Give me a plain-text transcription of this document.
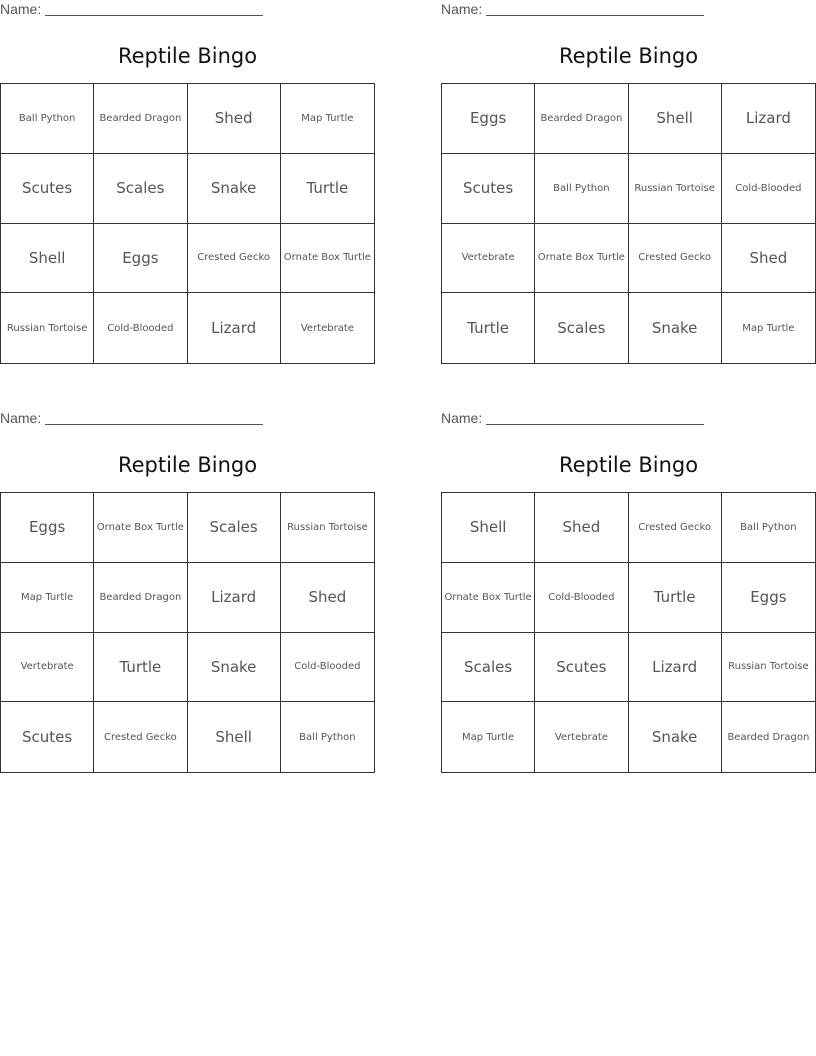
Name:
Reptile Bingo
Ball Python	Bearded Dragon	Shed	Map Turtle
Scutes	Scales	Snake	Turtle
Shell	Eggs	Crested Gecko	Ornate Box Turtle
Russian Tortoise	Cold-Blooded	Lizard	Vertebrate
Name:
Reptile Bingo
Eggs	Bearded Dragon	Shell	Lizard
Scutes	Ball Python	Russian Tortoise	Cold-Blooded
Vertebrate	Ornate Box Turtle	Crested Gecko	Shed
Turtle	Scales	Snake	Map Turtle
Name:
Reptile Bingo
Eggs	Ornate Box Turtle	Scales	Russian Tortoise
Map Turtle	Bearded Dragon	Lizard	Shed
Vertebrate	Turtle	Snake	Cold-Blooded
Scutes	Crested Gecko	Shell	Ball Python
Name:
Reptile Bingo
Shell	Shed	Crested Gecko	Ball Python
Ornate Box Turtle	Cold-Blooded	Turtle	Eggs
Scales	Scutes	Lizard	Russian Tortoise
Map Turtle	Vertebrate	Snake	Bearded Dragon
